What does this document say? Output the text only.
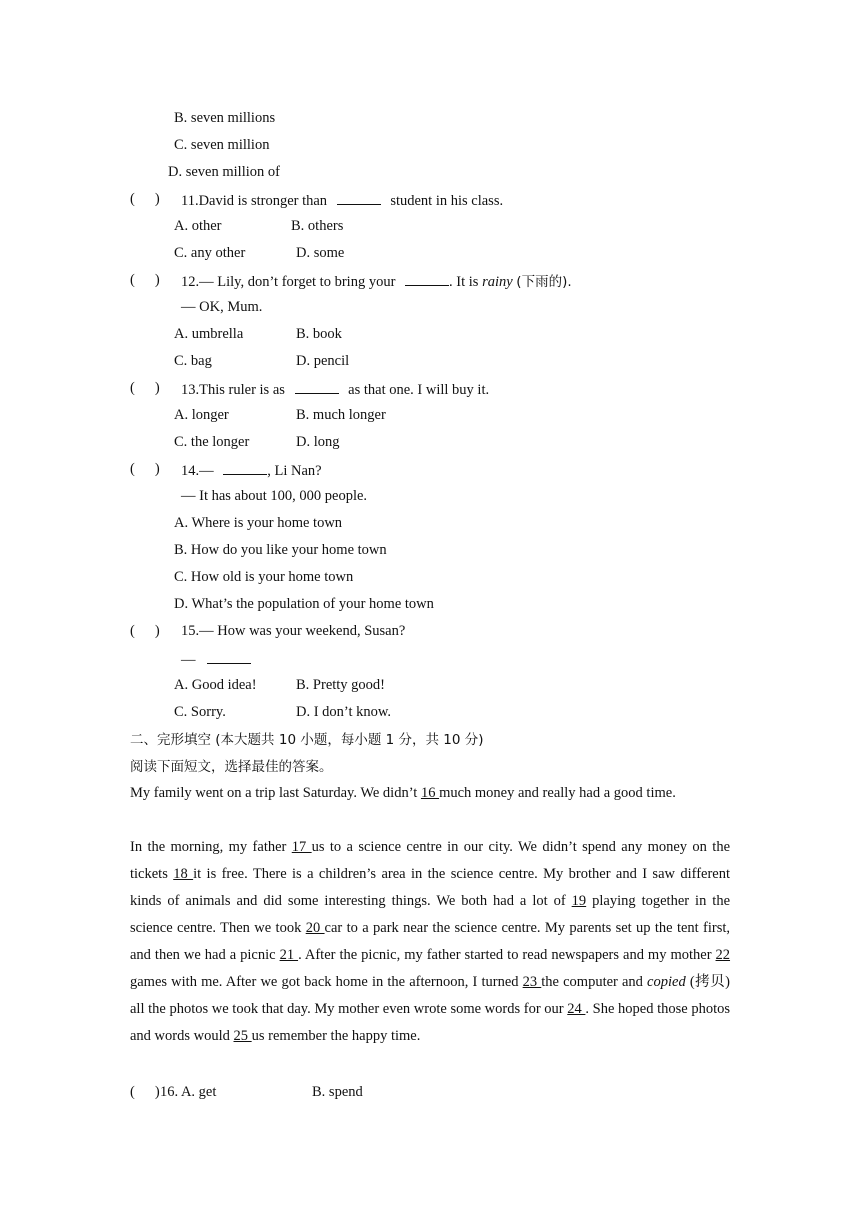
B. seven millions
C. seven million
D. seven million of
( ) 11.David is stronger than	student in his class.
A. other	B. others
C. any other	D. some
( ) 12.— Lily, don’t forget to bring your	. It is rainy (下雨的).
— OK, Mum.
A. umbrella	B. book
C. bag	D. pencil
( ) 13.This ruler is as	as that one. I will buy it.
A. longer	B. much longer
C. the longer	D. long
( ) 14.—	, Li Nan?
— It has about 100, 000 people.
A. Where is your home town
B. How do you like your home town
C. How old is your home town
D. What’s the population of your home town
( ) 15.— How was your weekend, Susan?
—
A. Good idea!	B. Pretty good!
C. Sorry.	D. I don’t know.
二、完形填空 (本大题共 10 小题，每小题 1 分，共 10 分)
阅读下面短文，选择最佳的答案。
My family went on a trip last Saturday. We didn’t 16 much money and really had a good time.
In the morning, my father 17 us to a science centre in our city. We didn’t spend any money on the tickets 18 it is free. There is a children’s area in the science centre. My brother and I saw different kinds of animals and did some interesting things. We both had a lot of 19 playing together in the science centre. Then we took 20 car to a park near the science centre. My parents set up the tent first, and then we had a picnic 21 . After the picnic, my father started to read newspapers and my mother 22 games with me. After we got back home in the afternoon, I turned 23 the computer and copied (拷贝) all the photos we took that day. My mother even wrote some words for our 24 . She hoped those photos and words would 25 us remember the happy time.
( ) 16. A. get	B. spend
